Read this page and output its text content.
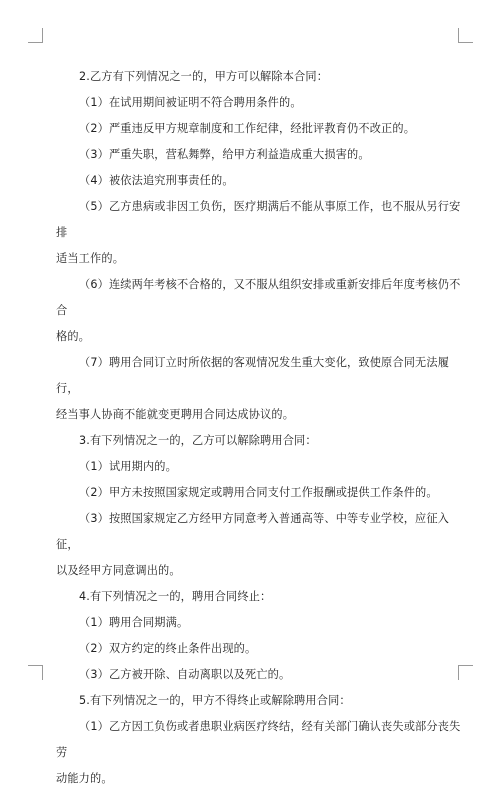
2.乙方有下列情况之一的，甲方可以解除本合同：

（1）在试用期间被证明不符合聘用条件的。

（2）严重违反甲方规章制度和工作纪律，经批评教育仍不改正的。

（3）严重失职，营私舞弊，给甲方利益造成重大损害的。

（4）被依法追究刑事责任的。

（5）乙方患病或非因工负伤，医疗期满后不能从事原工作，也不服从另行安排
适当工作的。

（6）连续两年考核不合格的，又不服从组织安排或重新安排后年度考核仍不合
格的。

（7）聘用合同订立时所依据的客观情况发生重大变化，致使原合同无法履行，
经当事人协商不能就变更聘用合同达成协议的。

3.有下列情况之一的，乙方可以解除聘用合同：

（1）试用期内的。

（2）甲方未按照国家规定或聘用合同支付工作报酬或提供工作条件的。

（3）按照国家规定乙方经甲方同意考入普通高等、中等专业学校，应征入征，
以及经甲方同意调出的。

4.有下列情况之一的，聘用合同终止：

（1）聘用合同期满。

（2）双方约定的终止条件出现的。

（3）乙方被开除、自动离职以及死亡的。

5.有下列情况之一的，甲方不得终止或解除聘用合同：

（1）乙方因工负伤或者患职业病医疗终结，经有关部门确认丧失或部分丧失劳
动能力的。
